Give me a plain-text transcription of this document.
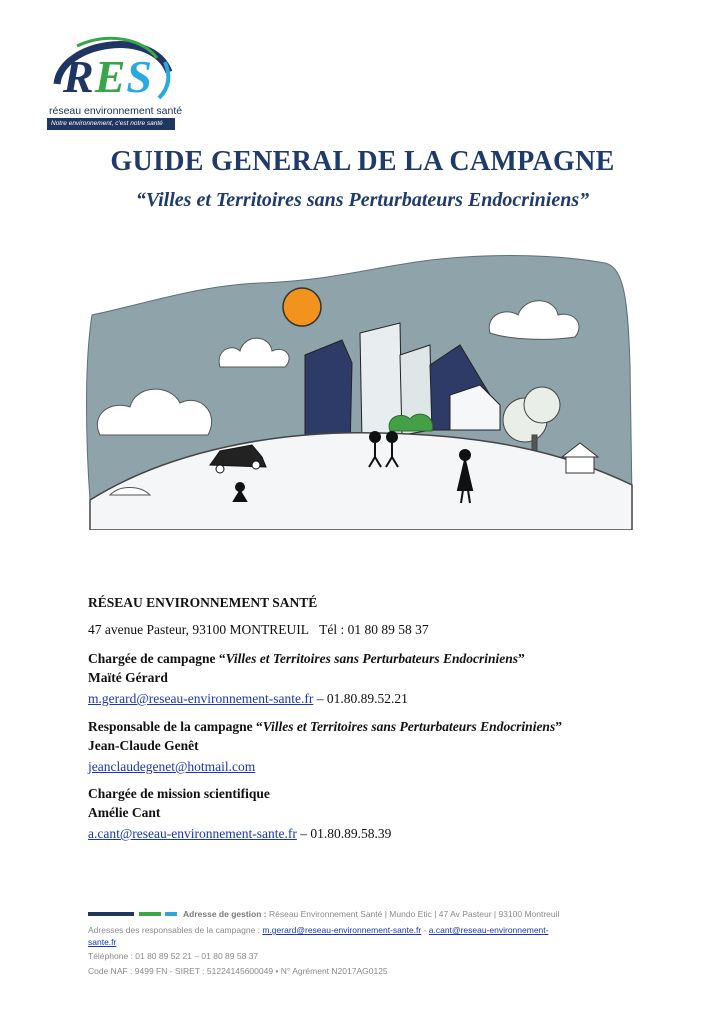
RES
réseau environnement santé
Notre environnement, c'est notre santé
GUIDE GENERAL DE LA CAMPAGNE
“Villes et Territoires sans Perturbateurs Endocriniens”
RÉSEAU ENVIRONNEMENT SANTÉ
47 avenue Pasteur, 93100 MONTREUIL Tél : 01 80 89 58 37
Chargée de campagne “Villes et Territoires sans Perturbateurs Endocriniens”
Maïté Gérard
m.gerard@reseau-environnement-sante.fr – 01.80.89.52.21
Responsable de la campagne “Villes et Territoires sans Perturbateurs Endocriniens”
Jean-Claude Genêt
jeanclaudegenet@hotmail.com
Chargée de mission scientifique
Amélie Cant
a.cant@reseau-environnement-sante.fr – 01.80.89.58.39
Adresse de gestion : Réseau Environnement Santé | Mundo Etic | 47 Av Pasteur | 93100 Montreuil
Adresses des responsables de la campagne : m.gerard@reseau-environnement-sante.fr - a.cant@reseau-environnement-
sante.fr
Téléphone : 01 80 89 52 21 – 01 80 89 58 37
Code NAF : 9499 FN - SIRET : 51224145600049 • N° Agrément N2017AG0125
